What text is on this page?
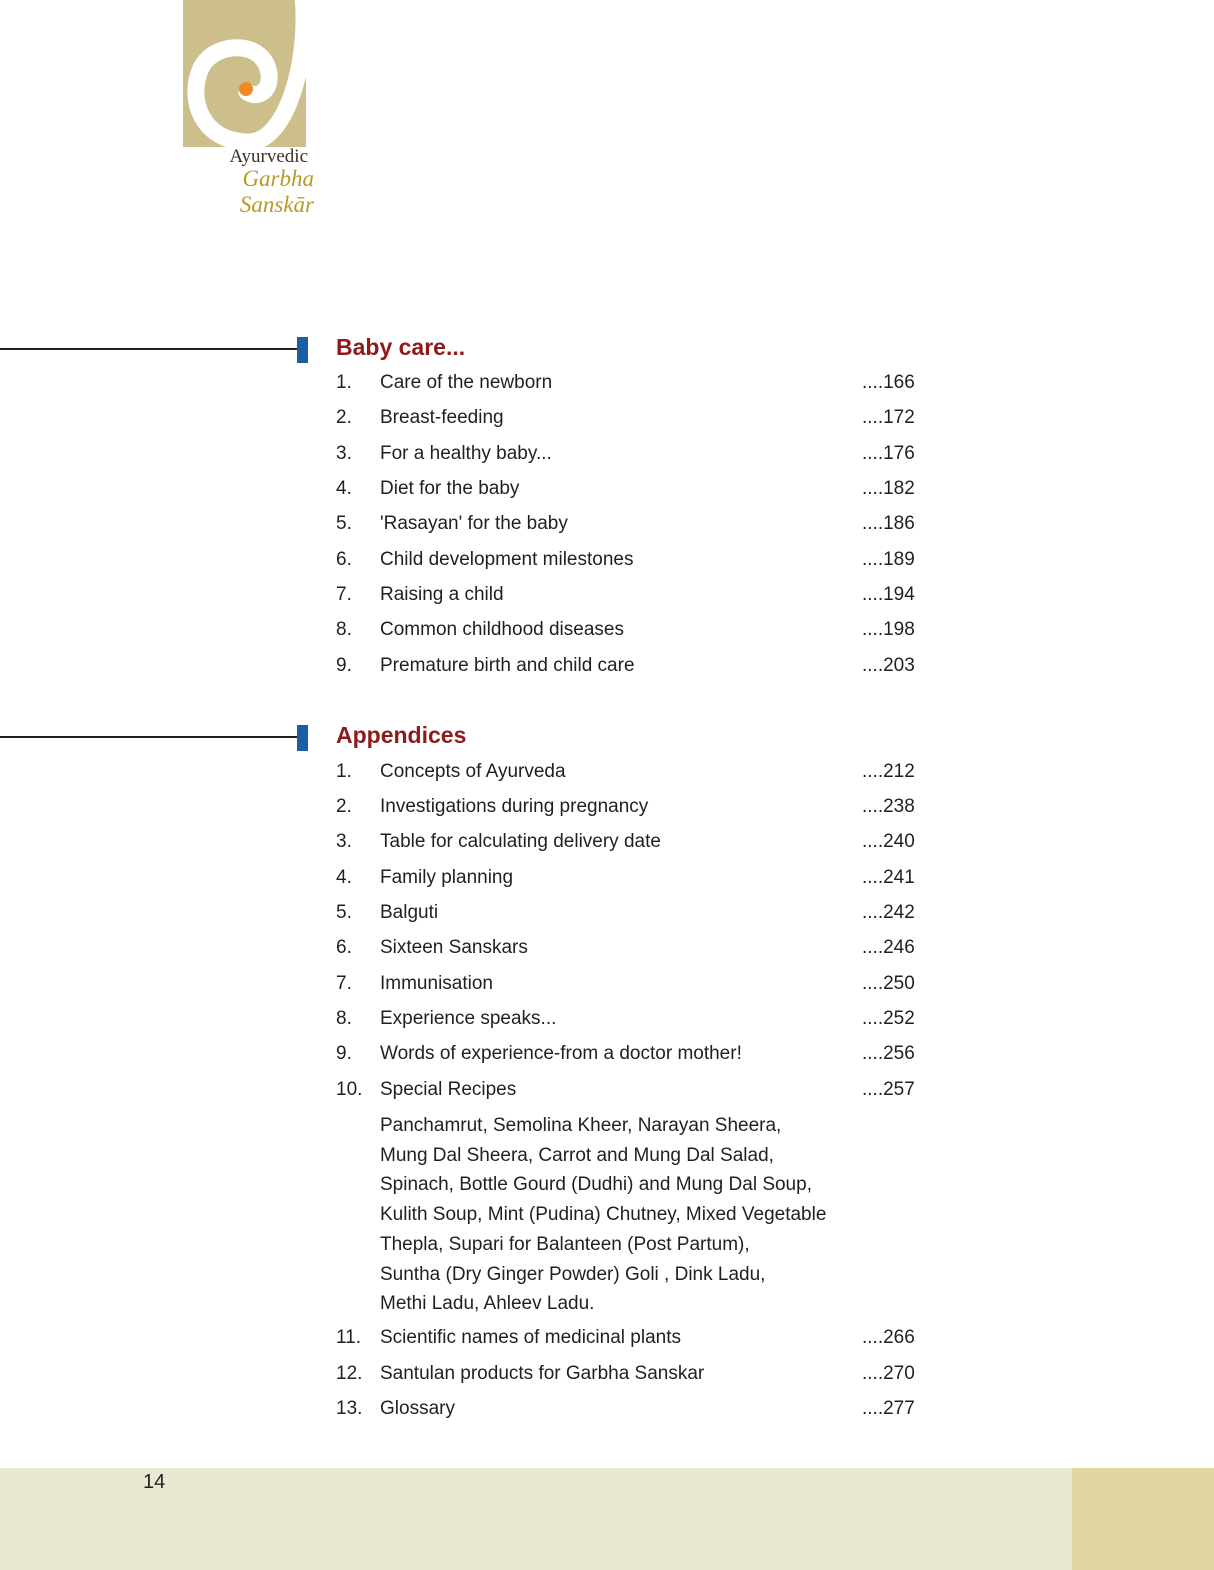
Ayurvedic
Garbha Sanskār
Baby care...
1. Care of the newborn	....166
2. Breast-feeding	....172
3. For a healthy baby...	....176
4. Diet for the baby	....182
5. 'Rasayan' for the baby	....186
6. Child development milestones	....189
7. Raising a child	....194
8. Common childhood diseases	....198
9. Premature birth and child care	....203
Appendices
1. Concepts of Ayurveda	....212
2. Investigations during pregnancy	....238
3. Table for calculating delivery date	....240
4. Family planning	....241
5. Balguti	....242
6. Sixteen Sanskars	....246
7. Immunisation	....250
8. Experience speaks...	....252
9. Words of experience-from a doctor mother!	....256
10. Special Recipes	....257
Panchamrut, Semolina Kheer, Narayan Sheera,
Mung Dal Sheera, Carrot and Mung Dal Salad,
Spinach, Bottle Gourd (Dudhi) and Mung Dal Soup,
Kulith Soup, Mint (Pudina) Chutney, Mixed Vegetable
Thepla, Supari for Balanteen (Post Partum),
Suntha (Dry Ginger Powder) Goli , Dink Ladu,
Methi Ladu, Ahleev Ladu.
11. Scientific names of medicinal plants	....266
12. Santulan products for Garbha Sanskar	....270
13. Glossary	....277
14
